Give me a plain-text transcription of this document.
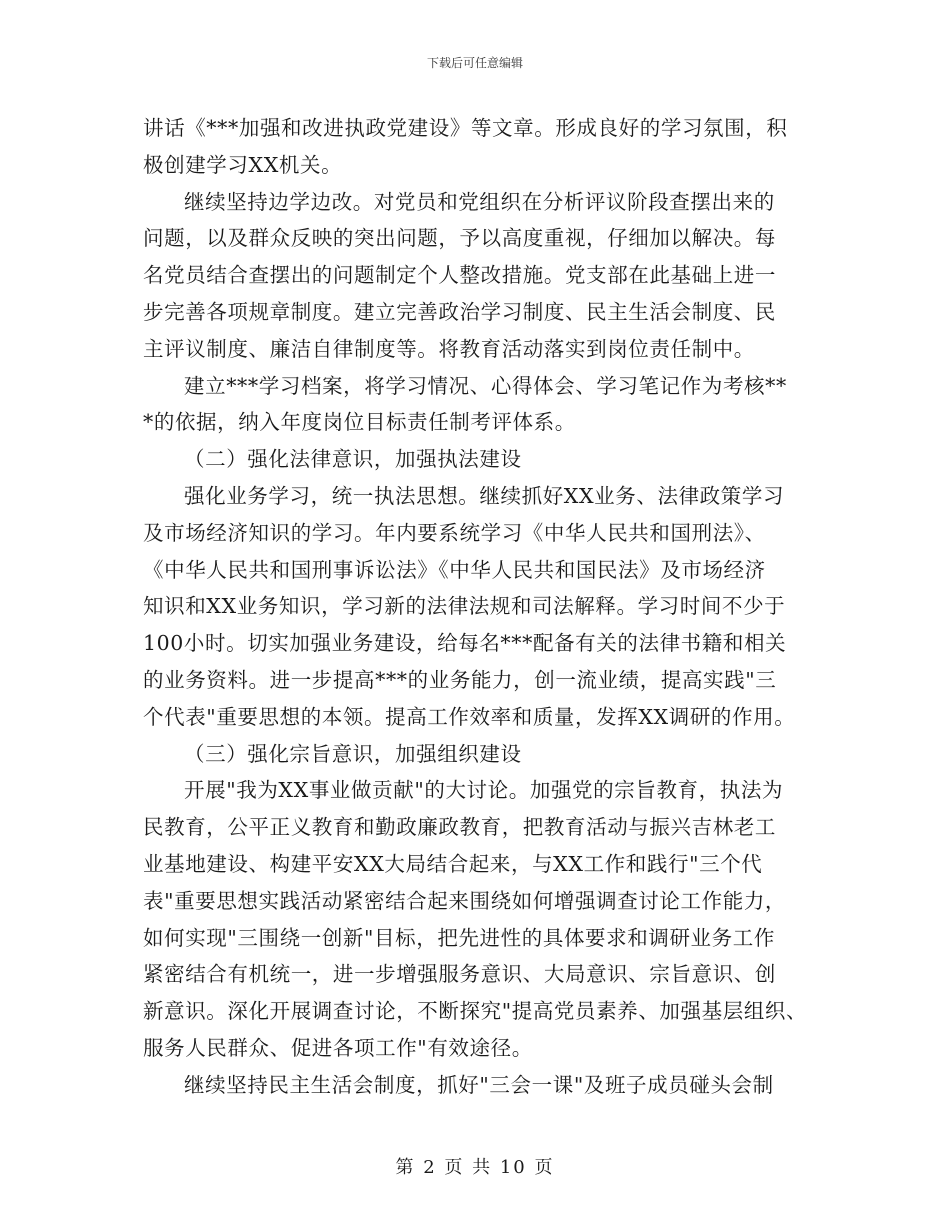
下载后可任意编辑
讲话《***加强和改进执政党建设》等文章。形成良好的学习氛围，积
极创建学习XX机关。
继续坚持边学边改。对党员和党组织在分析评议阶段查摆出来的
问题，以及群众反映的突出问题，予以高度重视，仔细加以解决。每
名党员结合查摆出的问题制定个人整改措施。党支部在此基础上进一
步完善各项规章制度。建立完善政治学习制度、民主生活会制度、民
主评议制度、廉洁自律制度等。将教育活动落实到岗位责任制中。
建立***学习档案，将学习情况、心得体会、学习笔记作为考核**
*的依据，纳入年度岗位目标责任制考评体系。
（二）强化法律意识，加强执法建设
强化业务学习，统一执法思想。继续抓好XX业务、法律政策学习
及市场经济知识的学习。年内要系统学习《中华人民共和国刑法》、
《中华人民共和国刑事诉讼法》《中华人民共和国民法》及市场经济
知识和XX业务知识，学习新的法律法规和司法解释。学习时间不少于
100小时。切实加强业务建设，给每名***配备有关的法律书籍和相关
的业务资料。进一步提高***的业务能力，创一流业绩，提高实践"三
个代表"重要思想的本领。提高工作效率和质量，发挥XX调研的作用。
（三）强化宗旨意识，加强组织建设
开展"我为XX事业做贡献"的大讨论。加强党的宗旨教育，执法为
民教育，公平正义教育和勤政廉政教育，把教育活动与振兴吉林老工
业基地建设、构建平安XX大局结合起来，与XX工作和践行"三个代
表"重要思想实践活动紧密结合起来围绕如何增强调查讨论工作能力，
如何实现"三围绕一创新"目标，把先进性的具体要求和调研业务工作
紧密结合有机统一，进一步增强服务意识、大局意识、宗旨意识、创
新意识。深化开展调查讨论，不断探究"提高党员素养、加强基层组织、
服务人民群众、促进各项工作"有效途径。
继续坚持民主生活会制度，抓好"三会一课"及班子成员碰头会制
第 2 页 共 10 页
